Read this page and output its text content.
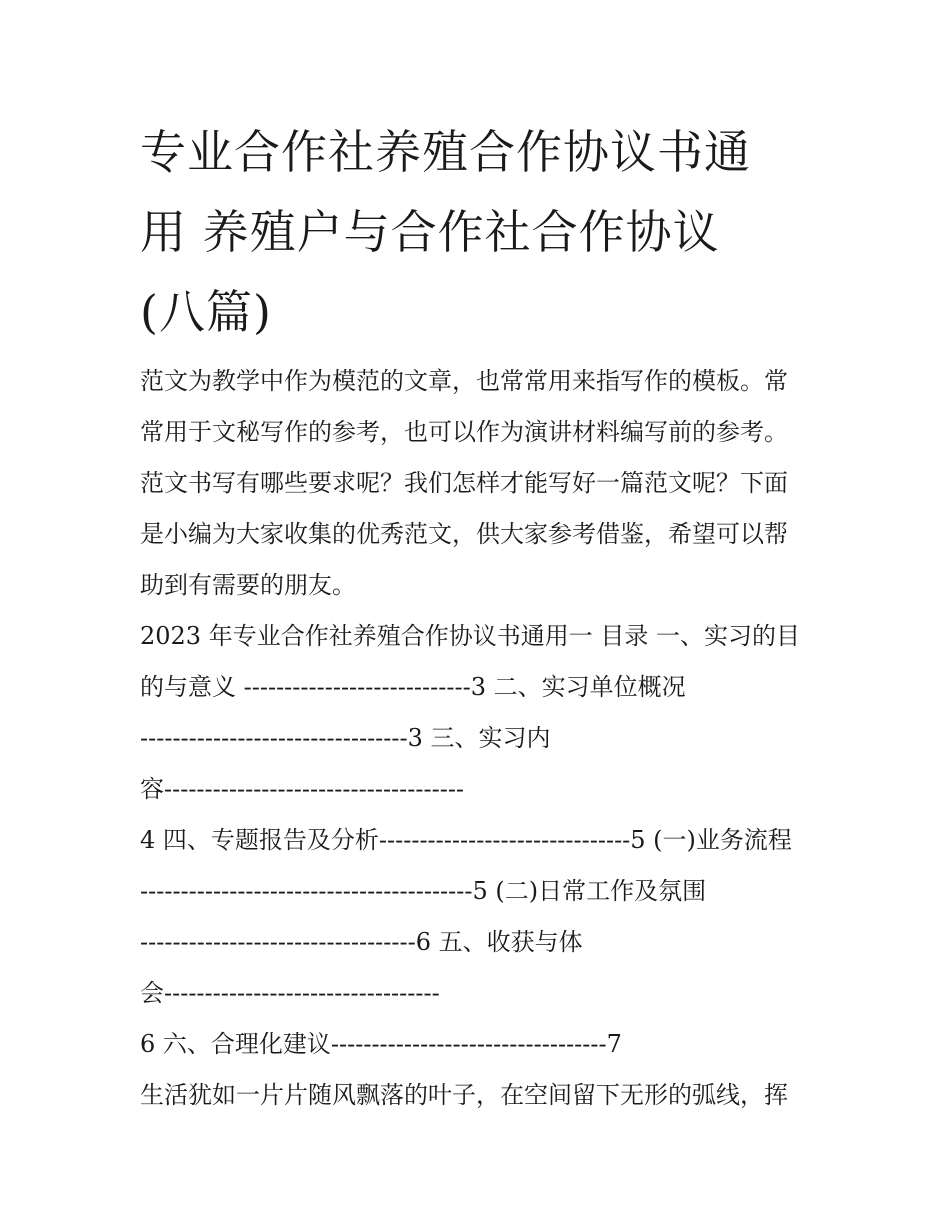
专业合作社养殖合作协议书通
用 养殖户与合作社合作协议
(八篇)
范文为教学中作为模范的文章，也常常用来指写作的模板。常
常用于文秘写作的参考，也可以作为演讲材料编写前的参考。
范文书写有哪些要求呢？我们怎样才能写好一篇范文呢？下面
是小编为大家收集的优秀范文，供大家参考借鉴，希望可以帮
助到有需要的朋友。
2023 年专业合作社养殖合作协议书通用一 目录 一、实习的目
的与意义 ----------------------------3 二、实习单位概况
---------------------------------3 三、实习内
容-------------------------------------
4 四、专题报告及分析-------------------------------5 (一)业务流程
-----------------------------------------5 (二)日常工作及氛围
----------------------------------6 五、收获与体
会----------------------------------
6 六、合理化建议----------------------------------7
生活犹如一片片随风飘落的叶子，在空间留下无形的弧线，挥
